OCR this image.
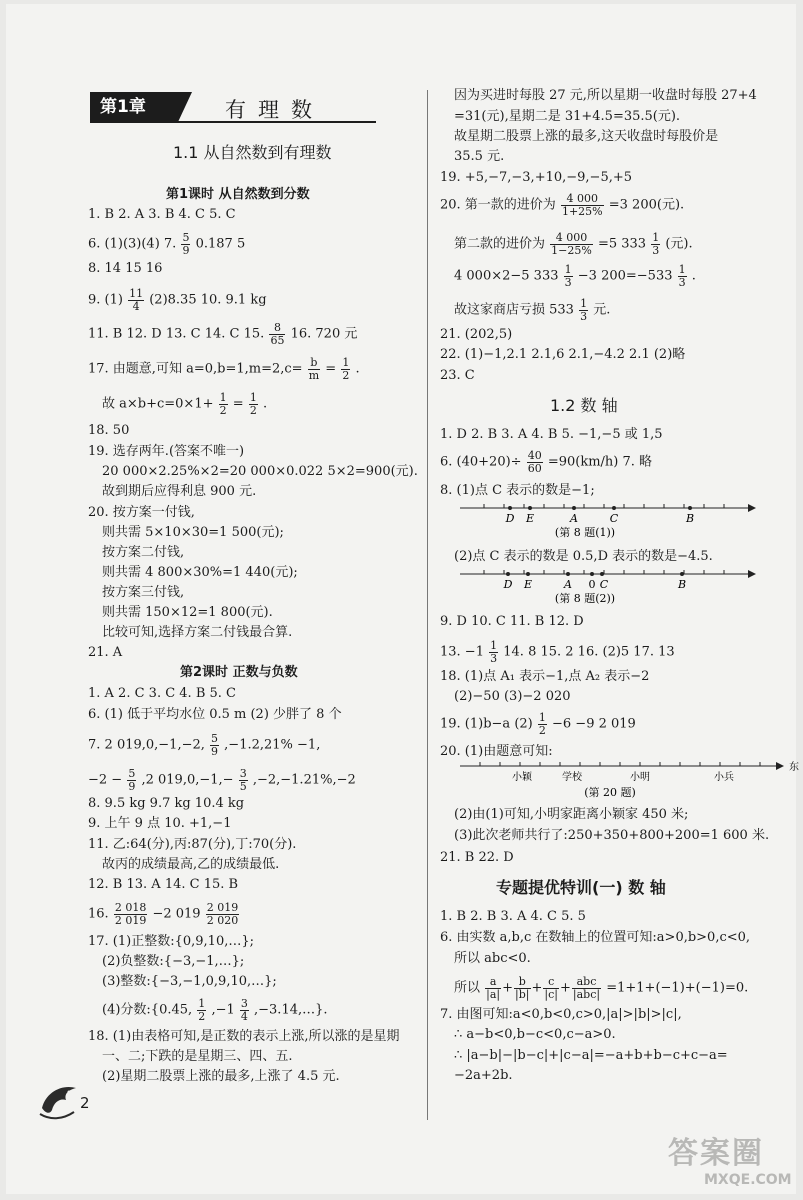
第1章	有理数
1.1 从自然数到有理数
第1课时 从自然数到分数
1. B 2. A 3. B 4. C 5. C
6. (1)(3)(4) 7. $\frac{5}{9} 0.187$ 5
8. 14 15 16
9. $(1) \frac{11}{4} (2)8.35$ 10. 9.1 kg
11. B 12. D 13. C 14. C 15. $\frac{8}{65} 16$. 720 元
17. 由题意,可知 $a=0,b=1,m=2,c= \frac{b}{m} = \frac{1}{2}$ .
故 $a\times b+c=0\times 1+ \frac{1}{2} = \frac{1}{2}$ .
18. 50
19. 选存两年.(答案不唯一)
20 000×2.25%×2=20 000×0.022 5×2=900(元).
故到期后应得利息 900 元.
20. 按方案一付钱,
则共需 5×10×30=1 500(元);
按方案二付钱,
则共需 4 800×30%=1 440(元);
按方案三付钱,
则共需 150×12=1 800(元).
比较可知,选择方案二付钱最合算.
21. A
第2课时 正数与负数
1. A 2. C 3. C 4. B 5. C
6. (1) 低于平均水位 0.5 m (2) 少胖了 8 个
7. 2 019,0,−1,−2, $\frac{5}{9} ,-1.2,21\% -1$,
$-2 - \frac{5}{9} ,2$ $019,0,-1,- \frac{3}{5} ,-2,-1.21\%,-2$
8. 9.5 kg 9.7 kg 10.4 kg
9. 上午 9 点 10. +1,−1
11. 乙:64(分),丙:87(分),丁:70(分).
故丙的成绩最高,乙的成绩最低.
12. B 13. A 14. C 15. B
16. $\frac{2 018}{2 019} -2$ $019 \frac{2 019}{2 020}$
17. (1)正整数:{0,9,10,…};
(2)负整数:{−3,−1,…};
(3)整数:{−3,−1,0,9,10,…};
(4)分数:{0.45, $\frac{1}{2} ,-1 \frac{3}{4}$ ,−3.14,…}.
18. (1)由表格可知,是正数的表示上涨,所以涨的是星期
一、二;下跌的是星期三、四、五.
(2)星期二股票上涨的最多,上涨了 4.5 元.
因为买进时每股 27 元,所以星期一收盘时每股 27+4
=31(元),星期二是 31+4.5=35.5(元).
故星期二股票上涨的最多,这天收盘时每股价是
35.5 元.
19. +5,−7,−3,+10,−9,−5,+5
20. 第一款的进价为 $\frac{4 000}{1+25\%} =3$ 200(元).
第二款的进价为 $\frac{4 000}{1-25\%} =5$ $333 \frac{1}{3}$ (元).
4 000×2−5 $333 \frac{1}{3} -3$ $200=-533 \frac{1}{3}$ .
故这家商店亏损 $533 \frac{1}{3}$ 元.
21. (202,5)
22. (1)−1,2.1 2.1,6 2.1,−4.2 2.1 (2)略
23. C
1.2 数 轴
1. D 2. B 3. A 4. B 5. −1,−5 或 1,5
6. $(40+20)\div \frac{40}{60} =90(km/h)$ 7. 略
8. (1)点 C 表示的数是−1;
D E	A	C	B
(第 8 题(1))
(2)点 C 表示的数是 0.5,D 表示的数是−4.5.
D E	A 0 C	B
(第 8 题(2))
9. D 10. C 11. B 12. D
13. $-1 \frac{1}{3} 14$. 8 15. 2 16. (2)5 17. 13
18. (1)点 A₁ 表示−1,点 A₂ 表示−2
(2)−50 (3)−2 020
19. (1)b−a $(2) \frac{1}{2} -6 -9$ 2 019
20. (1)由题意可知:
小颖	学校	小明	小兵
东
(第 20 题)
(2)由(1)可知,小明家距离小颖家 450 米;
(3)此次老师共行了:250+350+800+200=1 600 米.
21. B 22. D
专题提优特训(一) 数 轴
1. B 2. B 3. A 4. C 5. 5
6. 由实数 a,b,c 在数轴上的位置可知:a>0,b>0,c<0,
所以 abc<0.
所以 $\frac{a}{|a|} + \frac{b}{|b|} + \frac{c}{|c|} + \frac{\text{abc}}{\text{|abc|}} =1+1+(-1)+(-1)=0$.
7. 由图可知:a<0,b<0,c>0,|a|>|b|>|c|,
∴ a−b<0,b−c<0,c−a>0.
∴ |a−b|−|b−c|+|c−a|=−a+b+b−c+c−a=
−2a+2b.
2
答案圈
MXQE.COM
